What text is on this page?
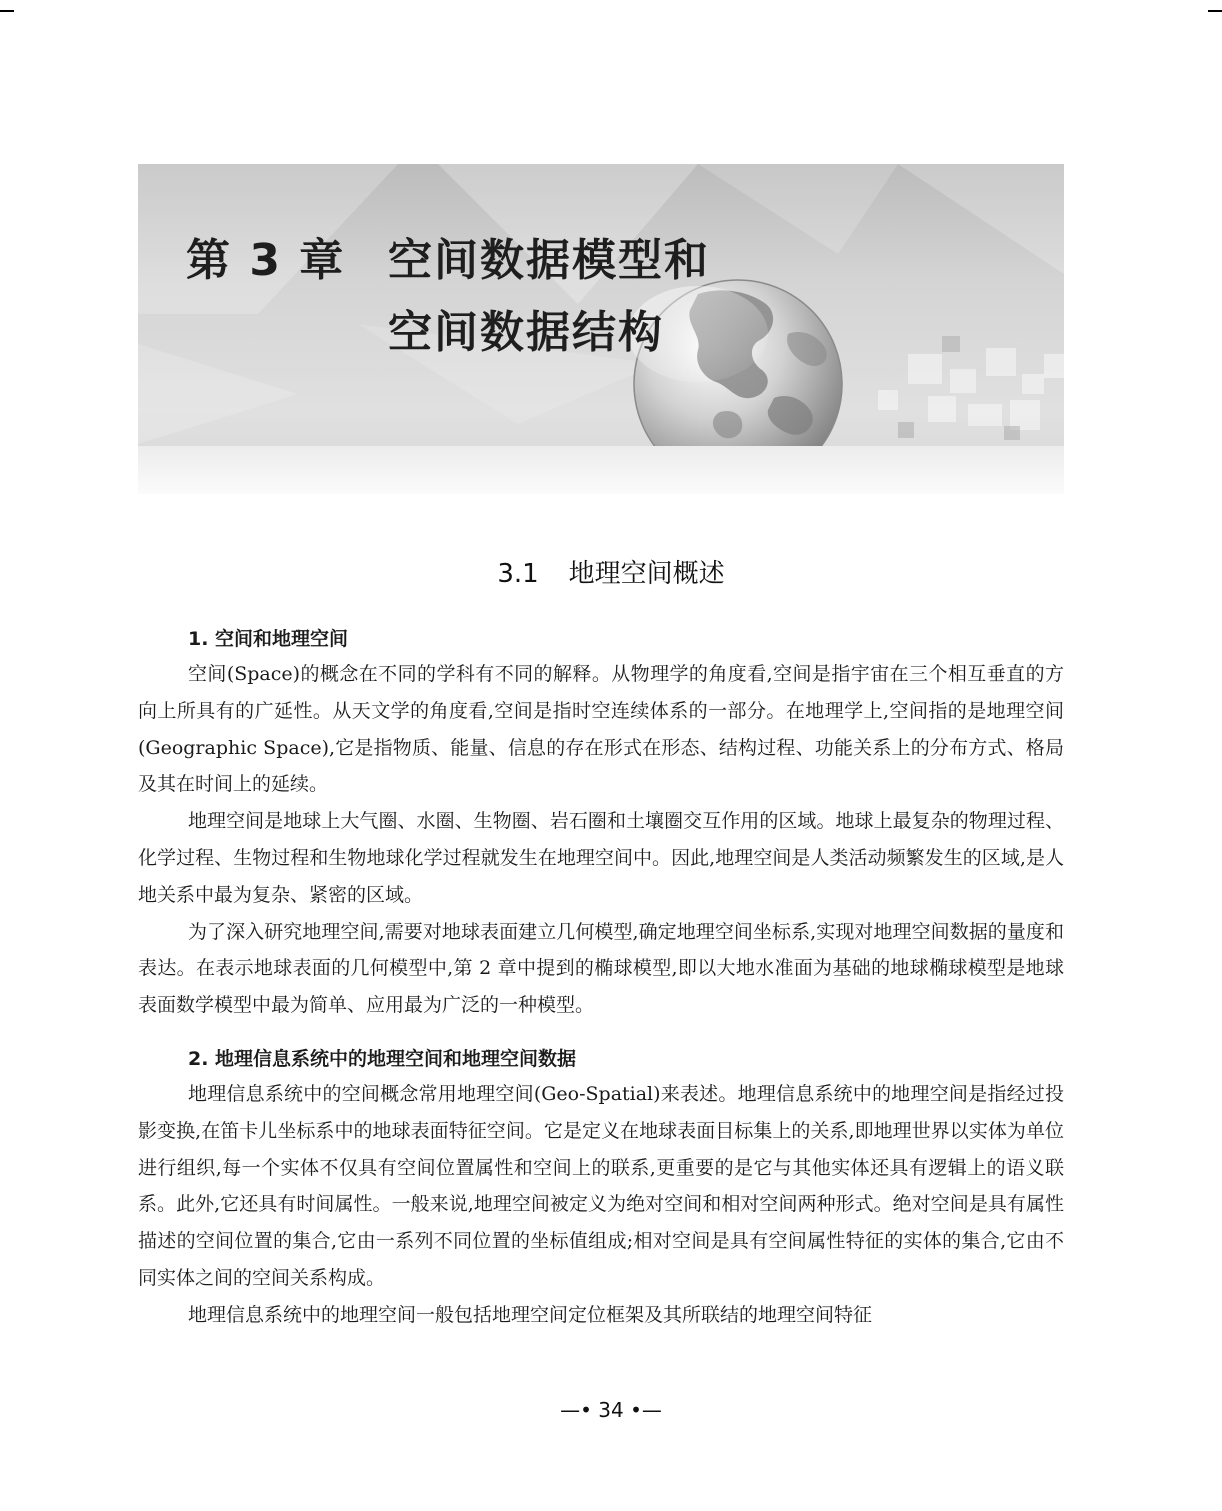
第 3 章 空间数据模型和
空间数据结构
3.1 地理空间概述
1. 空间和地理空间

空间(Space)的概念在不同的学科有不同的解释。从物理学的角度看,空间是指宇宙在三个相互垂直的方向上所具有的广延性。从天文学的角度看,空间是指时空连续体系的一部分。在地理学上,空间指的是地理空间(Geographic Space),它是指物质、能量、信息的存在形式在形态、结构过程、功能关系上的分布方式、格局及其在时间上的延续。

地理空间是地球上大气圈、水圈、生物圈、岩石圈和土壤圈交互作用的区域。地球上最复杂的物理过程、化学过程、生物过程和生物地球化学过程就发生在地理空间中。因此,地理空间是人类活动频繁发生的区域,是人地关系中最为复杂、紧密的区域。

为了深入研究地理空间,需要对地球表面建立几何模型,确定地理空间坐标系,实现对地理空间数据的量度和表达。在表示地球表面的几何模型中,第 2 章中提到的椭球模型,即以大地水准面为基础的地球椭球模型是地球表面数学模型中最为简单、应用最为广泛的一种模型。

2. 地理信息系统中的地理空间和地理空间数据

地理信息系统中的空间概念常用地理空间(Geo-Spatial)来表述。地理信息系统中的地理空间是指经过投影变换,在笛卡儿坐标系中的地球表面特征空间。它是定义在地球表面目标集上的关系,即地理世界以实体为单位进行组织,每一个实体不仅具有空间位置属性和空间上的联系,更重要的是它与其他实体还具有逻辑上的语义联系。此外,它还具有时间属性。一般来说,地理空间被定义为绝对空间和相对空间两种形式。绝对空间是具有属性描述的空间位置的集合,它由一系列不同位置的坐标值组成;相对空间是具有空间属性特征的实体的集合,它由不同实体之间的空间关系构成。

地理信息系统中的地理空间一般包括地理空间定位框架及其所联结的地理空间特征

—• 34 •—
